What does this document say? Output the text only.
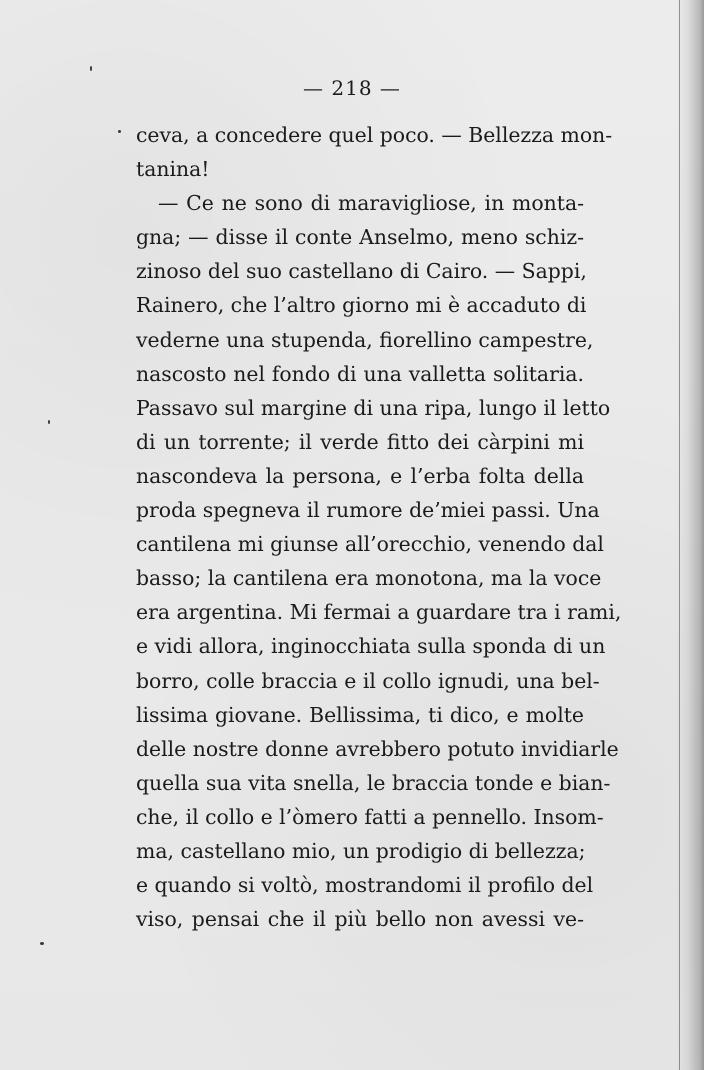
— 218 —
ceva, a concedere quel poco. — Bellezza mon-
tanina!
— Ce ne sono di maravigliose, in monta-
gna; — disse il conte Anselmo, meno schiz-
zinoso del suo castellano di Cairo. — Sappi,
Rainero, che l’altro giorno mi è accaduto di
vederne una stupenda, fiorellino campestre,
nascosto nel fondo di una valletta solitaria.
Passavo sul margine di una ripa, lungo il letto
di un torrente; il verde fitto dei càrpini mi
nascondeva la persona, e l’erba folta della
proda spegneva il rumore de’miei passi. Una
cantilena mi giunse all’orecchio, venendo dal
basso; la cantilena era monotona, ma la voce
era argentina. Mi fermai a guardare tra i rami,
e vidi allora, inginocchiata sulla sponda di un
borro, colle braccia e il collo ignudi, una bel-
lissima giovane. Bellissima, ti dico, e molte
delle nostre donne avrebbero potuto invidiarle
quella sua vita snella, le braccia tonde e bian-
che, il collo e l’òmero fatti a pennello. Insom-
ma, castellano mio, un prodigio di bellezza;
e quando si voltò, mostrandomi il profilo del
viso, pensai che il più bello non avessi ve-
